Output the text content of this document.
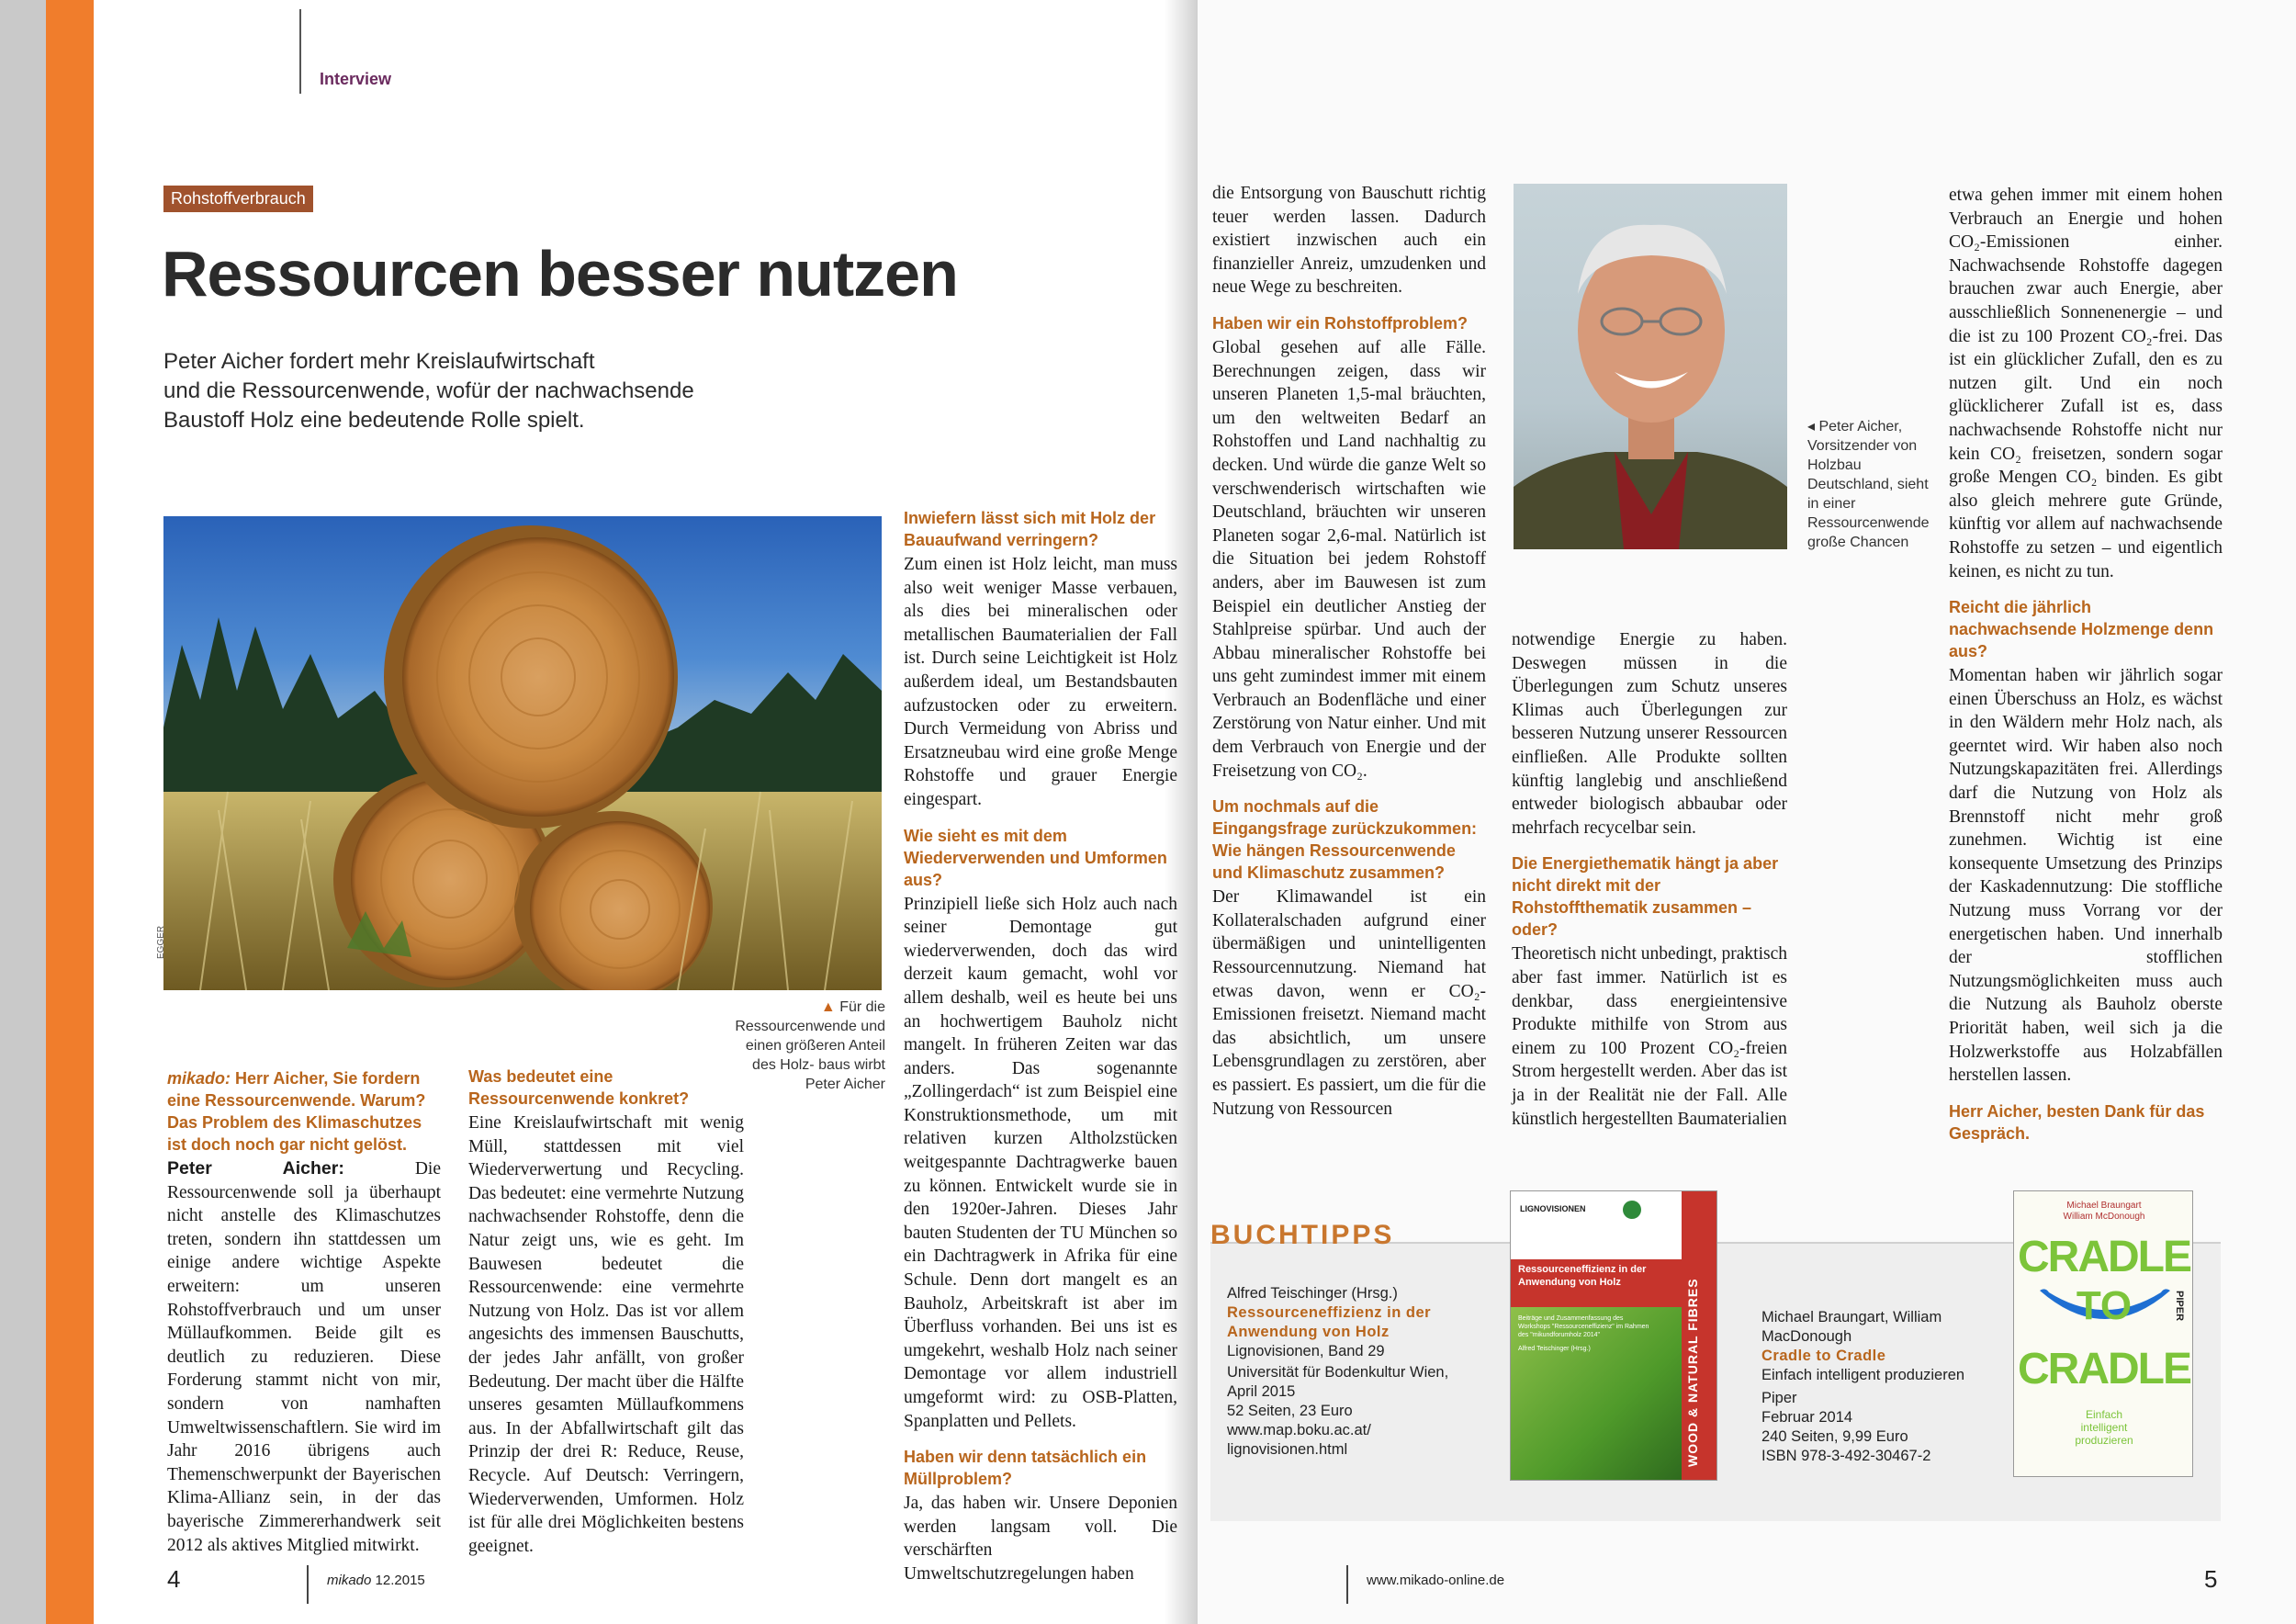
Interview
Rohstoffverbrauch
Ressourcen besser nutzen
Peter Aicher fordert mehr Kreislaufwirtschaft
und die Ressourcenwende, wofür der nachwachsende
Baustoff Holz eine bedeutende Rolle spielt.
EGGER
▲ Für die Ressourcenwende und einen größeren Anteil des Holz- baus wirbt Peter Aicher

mikado: Herr Aicher, Sie fordern eine Ressourcenwende. Warum? Das Problem des Klimaschutzes ist doch noch gar nicht gelöst.

Peter Aicher: Die Ressourcenwende soll ja überhaupt nicht anstelle des Klimaschutzes treten, sondern ihn stattdessen um einige andere wichtige Aspekte erweitern: um unseren Rohstoffverbrauch und um unser Müllaufkommen. Beide gilt es deutlich zu reduzieren. Diese Forderung stammt nicht von mir, sondern von namhaften Umweltwissenschaftlern. Sie wird im Jahr 2016 übrigens auch Themenschwerpunkt der Bayerischen Klima-Allianz sein, in der das bayerische Zimmererhandwerk seit 2012 als aktives Mitglied mitwirkt.

Was bedeutet eine Ressourcenwende konkret?

Eine Kreislaufwirtschaft mit wenig Müll, stattdessen mit viel Wiederverwertung und Recycling. Das bedeutet: eine vermehrte Nutzung nachwachsender Rohstoffe, denn die Natur zeigt uns, wie es geht. Im Bauwesen bedeutet die Ressourcenwende: eine vermehrte Nutzung von Holz. Das ist vor allem angesichts des immensen Bauschutts, der jedes Jahr anfällt, von großer Bedeutung. Der macht über die Hälfte unseres gesamten Müllaufkommens aus. In der Abfallwirtschaft gilt das Prinzip der drei R: Reduce, Reuse, Recycle. Auf Deutsch: Verringern, Wiederverwenden, Umformen. Holz ist für alle drei Möglichkeiten bestens geeignet.

Inwiefern lässt sich mit Holz der Bauaufwand verringern?

Zum einen ist Holz leicht, man muss also weit weniger Masse verbauen, als dies bei mineralischen oder metallischen Baumaterialien der Fall ist. Durch seine Leichtigkeit ist Holz außerdem ideal, um Bestandsbauten aufzustocken oder zu erweitern. Durch Vermeidung von Abriss und Ersatzneubau wird eine große Menge Rohstoffe und grauer Energie eingespart.

Wie sieht es mit dem Wiederverwenden und Umformen aus?

Prinzipiell ließe sich Holz auch nach seiner Demontage gut wiederverwenden, doch das wird derzeit kaum gemacht, wohl vor allem deshalb, weil es heute bei uns an hochwertigem Bauholz nicht mangelt. In früheren Zeiten war das anders. Das sogenannte „Zollingerdach“ ist zum Beispiel eine Konstruktionsmethode, um mit relativen kurzen Altholzstücken weitgespannte Dachtragwerke bauen zu können. Entwickelt wurde sie in den 1920er-Jahren. Dieses Jahr bauten Studenten der TU München so ein Dachtragwerk in Afrika für eine Schule. Denn dort mangelt es an Bauholz, Arbeitskraft ist aber im Überfluss vorhanden. Bei uns ist es umgekehrt, weshalb Holz nach seiner Demontage vor allem industriell umgeformt wird: zu OSB-Platten, Spanplatten und Pellets.

Haben wir denn tatsächlich ein Müllproblem?

Ja, das haben wir. Unsere Deponien werden langsam voll. Die verschärften Umweltschutzregelungen haben

4	mikado 12.2015

die Entsorgung von Bauschutt richtig teuer werden lassen. Dadurch existiert inzwischen auch ein finanzieller Anreiz, umzudenken und neue Wege zu beschreiten.

Haben wir ein Rohstoffproblem?

Global gesehen auf alle Fälle. Berechnungen zeigen, dass wir unseren Planeten 1,5-mal bräuchten, um den weltweiten Bedarf an Rohstoffen und Land nachhaltig zu decken. Und würde die ganze Welt so verschwenderisch wirtschaften wie Deutschland, bräuchten wir unseren Planeten sogar 2,6-mal. Natürlich ist die Situation bei jedem Rohstoff anders, aber im Bauwesen ist zum Beispiel ein deutlicher Anstieg der Stahlpreise spürbar. Und auch der Abbau mineralischer Rohstoffe bei uns geht zumindest immer mit einem Verbrauch an Bodenfläche und einer Zerstörung von Natur einher. Und mit dem Verbrauch von Energie und der Freisetzung von CO₂.

Um nochmals auf die Eingangsfrage zurückzukommen: Wie hängen Ressourcenwende und Klimaschutz zusammen?

Der Klimawandel ist ein Kollateralschaden aufgrund einer übermäßigen und unintelligenten Ressourcennutzung. Niemand hat etwas davon, wenn er CO₂-Emissionen freisetzt. Niemand macht das absichtlich, um unsere Lebensgrundlagen zu zerstören, aber es passiert. Es passiert, um die für die Nutzung von Ressourcen

◂ Peter Aicher,
Vorsitzender von
Holzbau
Deutschland, sieht
in einer
Ressourcenwende
große Chancen

notwendige Energie zu haben. Deswegen müssen in die Überlegungen zum Schutz unseres Klimas auch Überlegungen zur besseren Nutzung unserer Ressourcen einfließen. Alle Produkte sollten künftig langlebig und anschließend entweder biologisch abbaubar oder mehrfach recycelbar sein.

Die Energiethematik hängt ja aber nicht direkt mit der Rohstoffthematik zusammen – oder?

Theoretisch nicht unbedingt, praktisch aber fast immer. Natürlich ist es denkbar, dass energieintensive Produkte mithilfe von Strom aus einem zu 100 Prozent CO₂-freien Strom hergestellt werden. Aber das ist ja in der Realität nie der Fall. Alle künstlich hergestellten Baumaterialien

etwa gehen immer mit einem hohen Verbrauch an Energie und hohen CO₂-Emissionen einher. Nachwachsende Rohstoffe dagegen brauchen zwar auch Energie, aber ausschließlich Sonnenenergie – und die ist zu 100 Prozent CO₂-frei. Das ist ein glücklicher Zufall, den es zu nutzen gilt. Und ein noch glücklicherer Zufall ist es, dass nachwachsende Rohstoffe nicht nur kein CO₂ freisetzen, sondern sogar große Mengen CO₂ binden. Es gibt also gleich mehrere gute Gründe, künftig vor allem auf nachwachsende Rohstoffe zu setzen – und eigentlich keinen, es nicht zu tun.

Reicht die jährlich nachwachsende Holzmenge denn aus?

Momentan haben wir jährlich sogar einen Überschuss an Holz, es wächst in den Wäldern mehr Holz nach, als geerntet wird. Wir haben also noch Nutzungskapazitäten frei. Allerdings darf die Nutzung von Holz als Brennstoff nicht mehr groß zunehmen. Wichtig ist eine konsequente Umsetzung des Prinzips der Kaskadennutzung: Die stoffliche Nutzung muss Vorrang vor der energetischen haben. Und innerhalb der stofflichen Nutzungsmöglichkeiten muss auch die Nutzung als Bauholz oberste Priorität haben, weil sich ja die Holzwerkstoffe aus Holzabfällen herstellen lassen.

Herr Aicher, besten Dank für das Gespräch.

BUCHTIPPS
Alfred Teischinger (Hrsg.)
Ressourceneffizienz in der Anwendung von Holz
Lignovisionen, Band 29
Universität für Bodenkultur Wien,
April 2015
52 Seiten, 23 Euro
www.map.boku.ac.at/
lignovisionen.html	WOOD & NATURAL FIBRES
LIGNOVISIONEN
Ressourceneffizienz in der Anwendung von Holz
Beiträge und Zusammenfassung des Workshops "Ressourceneffizienz" im Rahmen des "mikundforumholz 2014"
Alfred Teischinger (Hrsg.)
Michael Braungart, William
MacDonough
Cradle to Cradle
Einfach intelligent produzieren
Piper
Februar 2014
240 Seiten, 9,99 Euro
ISBN 978-3-492-30467-2
Michael Braungart
William McDonough
CRADLE
TO
CRADLE
Einfach
intelligent
produzieren
PIPER
www.mikado-online.de	5
